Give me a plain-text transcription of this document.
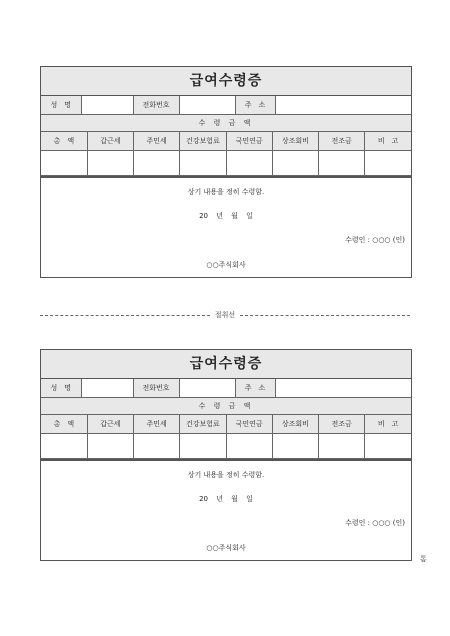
급여수령증
성　명		전화번호		주　소	
수 령 금 액							
총　액	갑근세	주민세	건강보험료	국민연금	상조회비	전조금	비　고

상기 내용을 정히 수령함.
20 년 월 일
수령인 : ○○○ (인)
○○주식회사
절취선
급여수령증
성　명		전화번호		주　소	
수 령 금 액							
총　액	갑근세	주민세	건강보험료	국민연금	상조회비	전조금	비　고

상기 내용을 정히 수령함.
20 년 월 일
수령인 : ○○○ (인)
○○주식회사
톰
